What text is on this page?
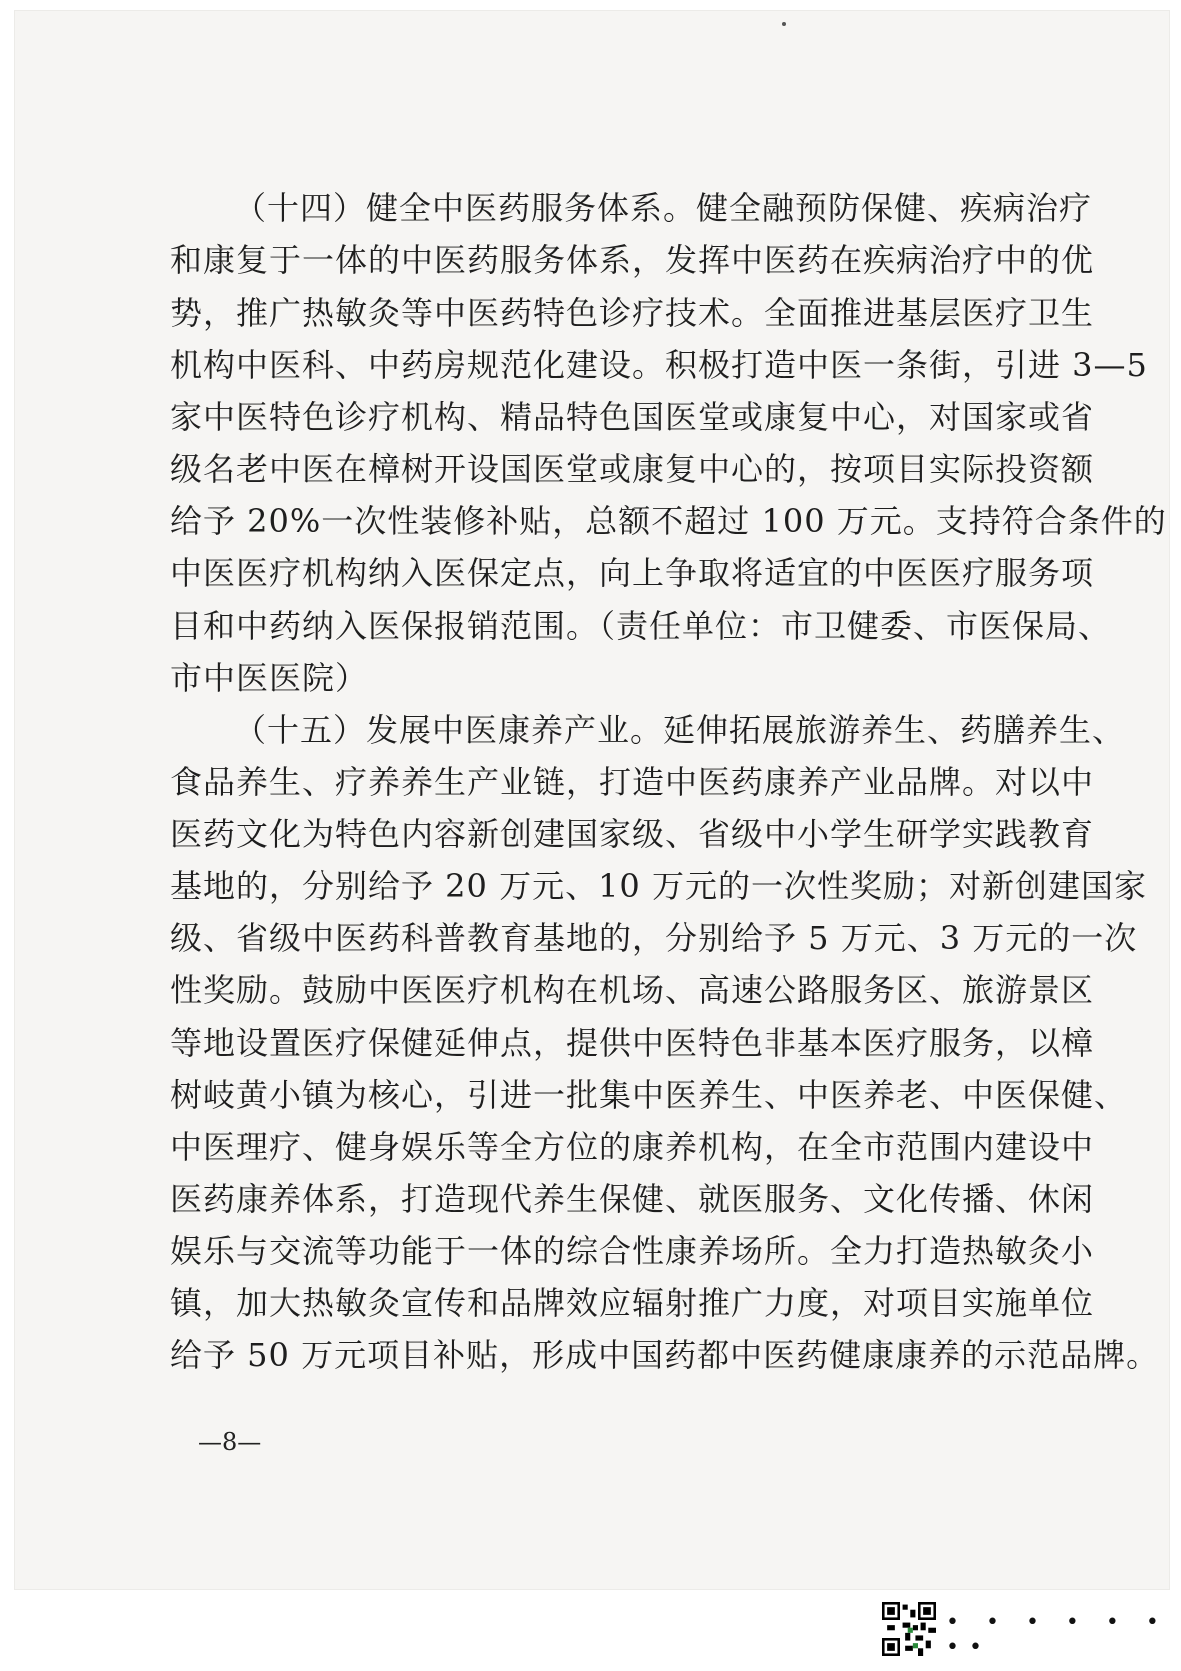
（十四）健全中医药服务体系。健全融预防保健、疾病治疗
和康复于一体的中医药服务体系，发挥中医药在疾病治疗中的优
势，推广热敏灸等中医药特色诊疗技术。全面推进基层医疗卫生
机构中医科、中药房规范化建设。积极打造中医一条街，引进 3—5
家中医特色诊疗机构、精品特色国医堂或康复中心，对国家或省
级名老中医在樟树开设国医堂或康复中心的，按项目实际投资额
给予 20%一次性装修补贴，总额不超过 100 万元。支持符合条件的
中医医疗机构纳入医保定点，向上争取将适宜的中医医疗服务项
目和中药纳入医保报销范围。（责任单位：市卫健委、市医保局、
市中医医院）
（十五）发展中医康养产业。延伸拓展旅游养生、药膳养生、
食品养生、疗养养生产业链，打造中医药康养产业品牌。对以中
医药文化为特色内容新创建国家级、省级中小学生研学实践教育
基地的，分别给予 20 万元、10 万元的一次性奖励；对新创建国家
级、省级中医药科普教育基地的，分别给予 5 万元、3 万元的一次
性奖励。鼓励中医医疗机构在机场、高速公路服务区、旅游景区
等地设置医疗保健延伸点，提供中医特色非基本医疗服务，以樟
树岐黄小镇为核心，引进一批集中医养生、中医养老、中医保健、
中医理疗、健身娱乐等全方位的康养机构，在全市范围内建设中
医药康养体系，打造现代养生保健、就医服务、文化传播、休闲
娱乐与交流等功能于一体的综合性康养场所。全力打造热敏灸小
镇，加大热敏灸宣传和品牌效应辐射推广力度，对项目实施单位
给予 50 万元项目补贴，形成中国药都中医药健康康养的示范品牌。
—8—
• • • • • • ••
